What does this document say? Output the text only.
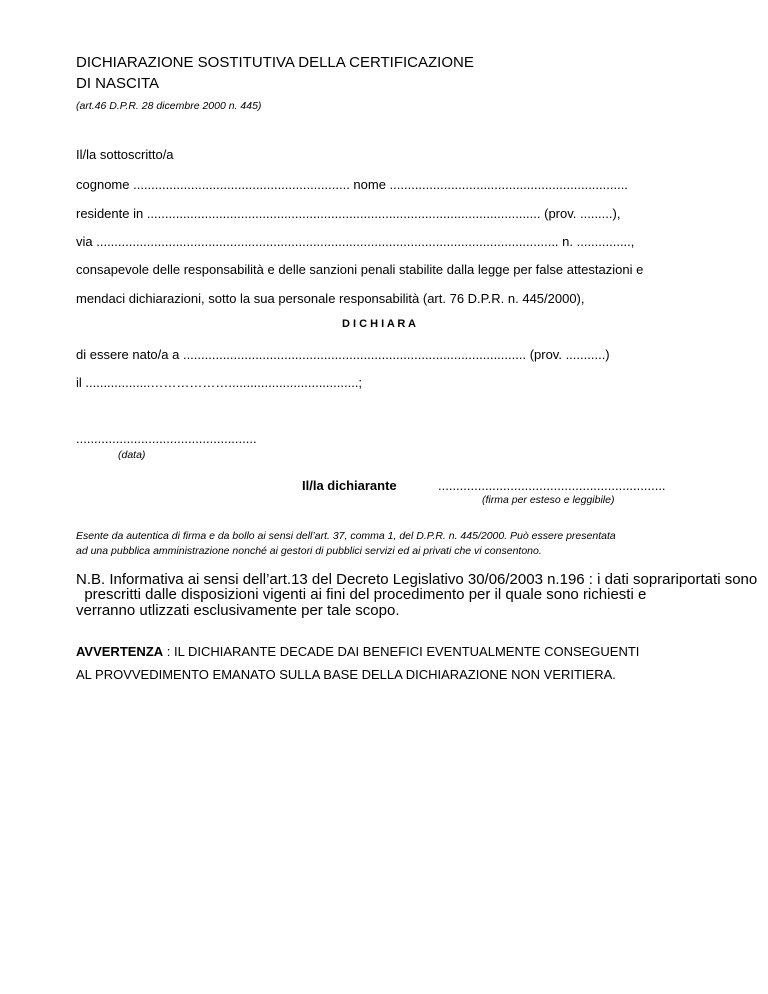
DICHIARAZIONE SOSTITUTIVA DELLA CERTIFICAZIONE
DI NASCITA
(art.46 D.P.R. 28 dicembre 2000 n. 445)
Il/la sottoscritto/a
cognome ............................................................ nome ..................................................................
residente in ............................................................................................................. (prov. .........),
via ................................................................................................................................ n. ...............,
consapevole delle responsabilità e delle sanzioni penali stabilite dalla legge per false attestazioni e
mendaci dichiarazioni, sotto la sua personale responsabilità (art. 76 D.P.R. n. 445/2000),
D I C H I A R A
di essere nato/a a ............................................................................................... (prov. ...........)
il ..................………………....................................;
..................................................
(data)
Il/la dichiarante	...............................................................
(firma per esteso e leggibile)
Esente da autentica di firma e da bollo ai sensi dell’art. 37, comma 1, del D.P.R. n. 445/2000. Può essere presentata
ad una pubblica amministrazione nonché ai gestori di pubblici servizi ed ai privati che vi consentono.
N.B. Informativa ai sensi dell’art.13 del Decreto Legislativo 30/06/2003 n.196 : i dati soprariportati sono
prescritti dalle disposizioni vigenti ai fini del procedimento per il quale sono richiesti e
verranno utlizzati esclusivamente per tale scopo.
AVVERTENZA : IL DICHIARANTE DECADE DAI BENEFICI EVENTUALMENTE CONSEGUENTI
AL PROVVEDIMENTO EMANATO SULLA BASE DELLA DICHIARAZIONE NON VERITIERA.
